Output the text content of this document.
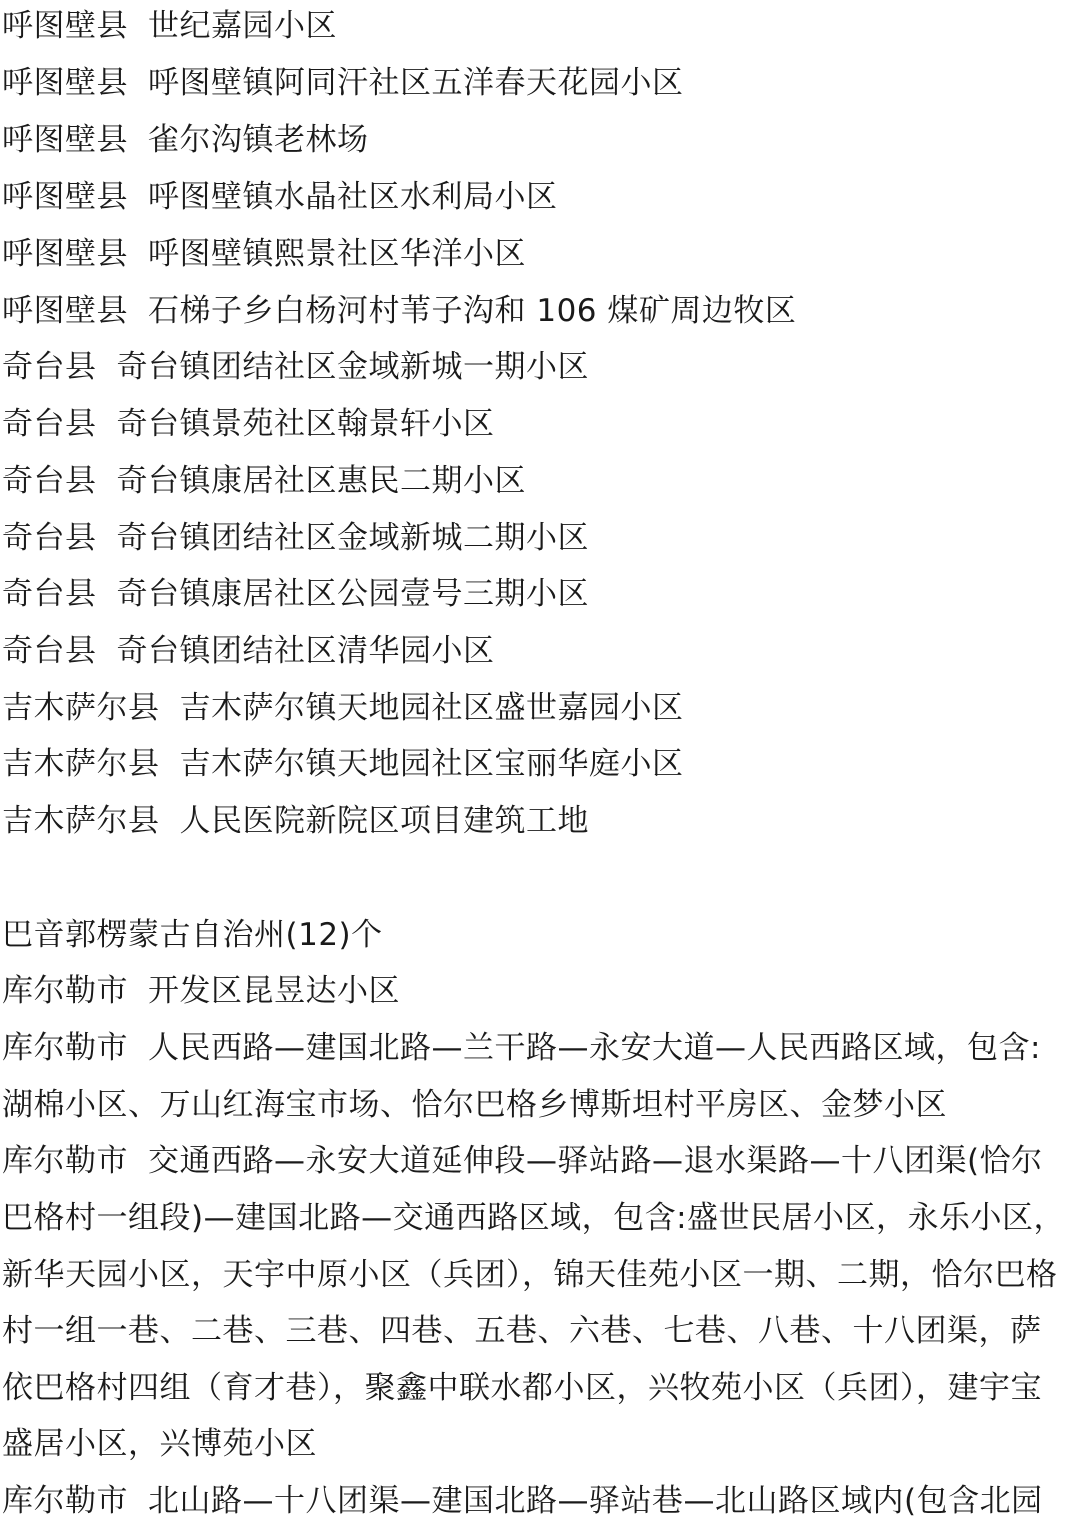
呼图壁县 世纪嘉园小区
呼图壁县 呼图壁镇阿同汗社区五洋春天花园小区
呼图壁县 雀尔沟镇老林场
呼图壁县 呼图壁镇水晶社区水利局小区
呼图壁县 呼图壁镇熙景社区华洋小区
呼图壁县 石梯子乡白杨河村苇子沟和 106 煤矿周边牧区
奇台县 奇台镇团结社区金域新城一期小区
奇台县 奇台镇景苑社区翰景轩小区
奇台县 奇台镇康居社区惠民二期小区
奇台县 奇台镇团结社区金域新城二期小区
奇台县 奇台镇康居社区公园壹号三期小区
奇台县 奇台镇团结社区清华园小区
吉木萨尔县 吉木萨尔镇天地园社区盛世嘉园小区
吉木萨尔县 吉木萨尔镇天地园社区宝丽华庭小区
吉木萨尔县 人民医院新院区项目建筑工地
巴音郭楞蒙古自治州(12)个
库尔勒市 开发区昆昱达小区
库尔勒市 人民西路—建国北路—兰干路—永安大道—人民西路区域，包含:
湖棉小区、万山红海宝市场、恰尔巴格乡博斯坦村平房区、金梦小区
库尔勒市 交通西路—永安大道延伸段—驿站路—退水渠路—十八团渠(恰尔
巴格村一组段)—建国北路—交通西路区域，包含:盛世民居小区，永乐小区，
新华天园小区，天宇中原小区（兵团），锦天佳苑小区一期、二期，恰尔巴格
村一组一巷、二巷、三巷、四巷、五巷、六巷、七巷、八巷、十八团渠，萨
依巴格村四组（育才巷），聚鑫中联水都小区，兴牧苑小区（兵团），建宇宝
盛居小区，兴博苑小区
库尔勒市 北山路—十八团渠—建国北路—驿站巷—北山路区域内(包含北园
